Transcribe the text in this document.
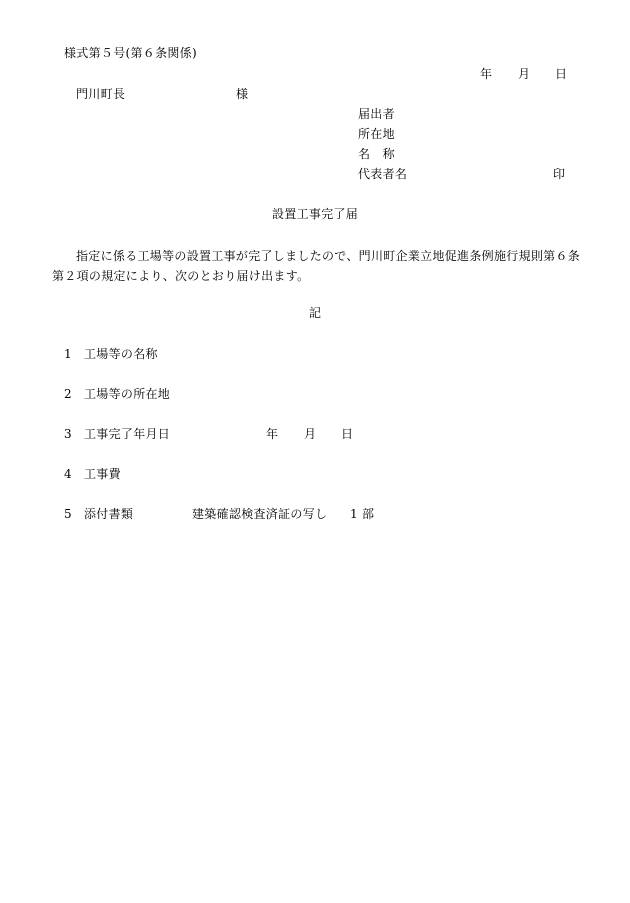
様式第５号(第６条関係)
年 月 日
門川町長	様
届出者
所在地
名　称
代表者名	印
設置工事完了届
指定に係る工場等の設置工事が完了しましたので、門川町企業立地促進条例施行規則第６条
第２項の規定により、次のとおり届け出ます。
記
1 工場等の名称
2 工場等の所在地
3 工事完了年月日	年 月 日
4 工事費
5 添付書類	建築確認検査済証の写し 1 部
